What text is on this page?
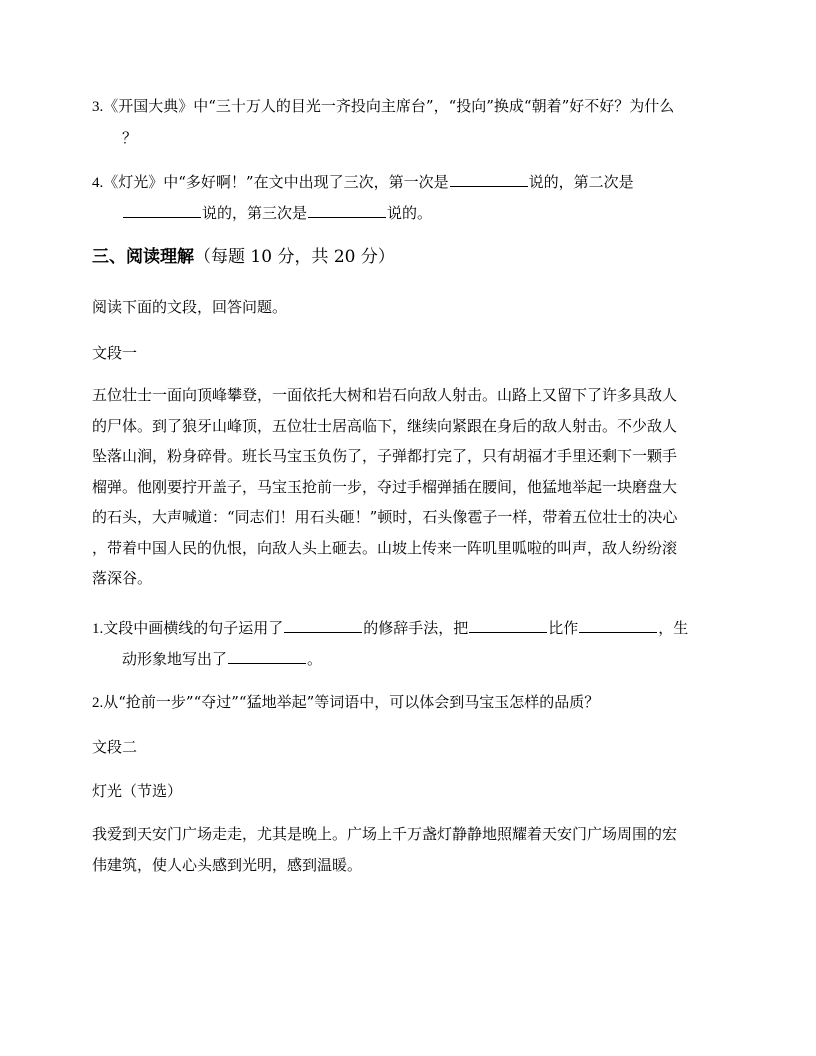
3.《开国大典》中“三十万人的目光一齐投向主席台”，“投向”换成“朝着”好不好？为什么
？
4.《灯光》中“多好啊！”在文中出现了三次，第一次是	说的，第二次是
说的，第三次是	说的。
三、阅读理解（每题 10 分，共 20 分）
阅读下面的文段，回答问题。
文段一
五位壮士一面向顶峰攀登，一面依托大树和岩石向敌人射击。山路上又留下了许多具敌人
的尸体。到了狼牙山峰顶，五位壮士居高临下，继续向紧跟在身后的敌人射击。不少敌人
坠落山涧，粉身碎骨。班长马宝玉负伤了，子弹都打完了，只有胡福才手里还剩下一颗手
榴弹。他刚要拧开盖子，马宝玉抢前一步，夺过手榴弹插在腰间，他猛地举起一块磨盘大
的石头，大声喊道：“同志们！用石头砸！”顿时，石头像雹子一样，带着五位壮士的决心
，带着中国人民的仇恨，向敌人头上砸去。山坡上传来一阵叽里呱啦的叫声，敌人纷纷滚
落深谷。
1.文段中画横线的句子运用了	的修辞手法，把	比作	，生
动形象地写出了	。
2.从“抢前一步”“夺过”“猛地举起”等词语中，可以体会到马宝玉怎样的品质？
文段二
灯光（节选）
我爱到天安门广场走走，尤其是晚上。广场上千万盏灯静静地照耀着天安门广场周围的宏
伟建筑，使人心头感到光明，感到温暖。
